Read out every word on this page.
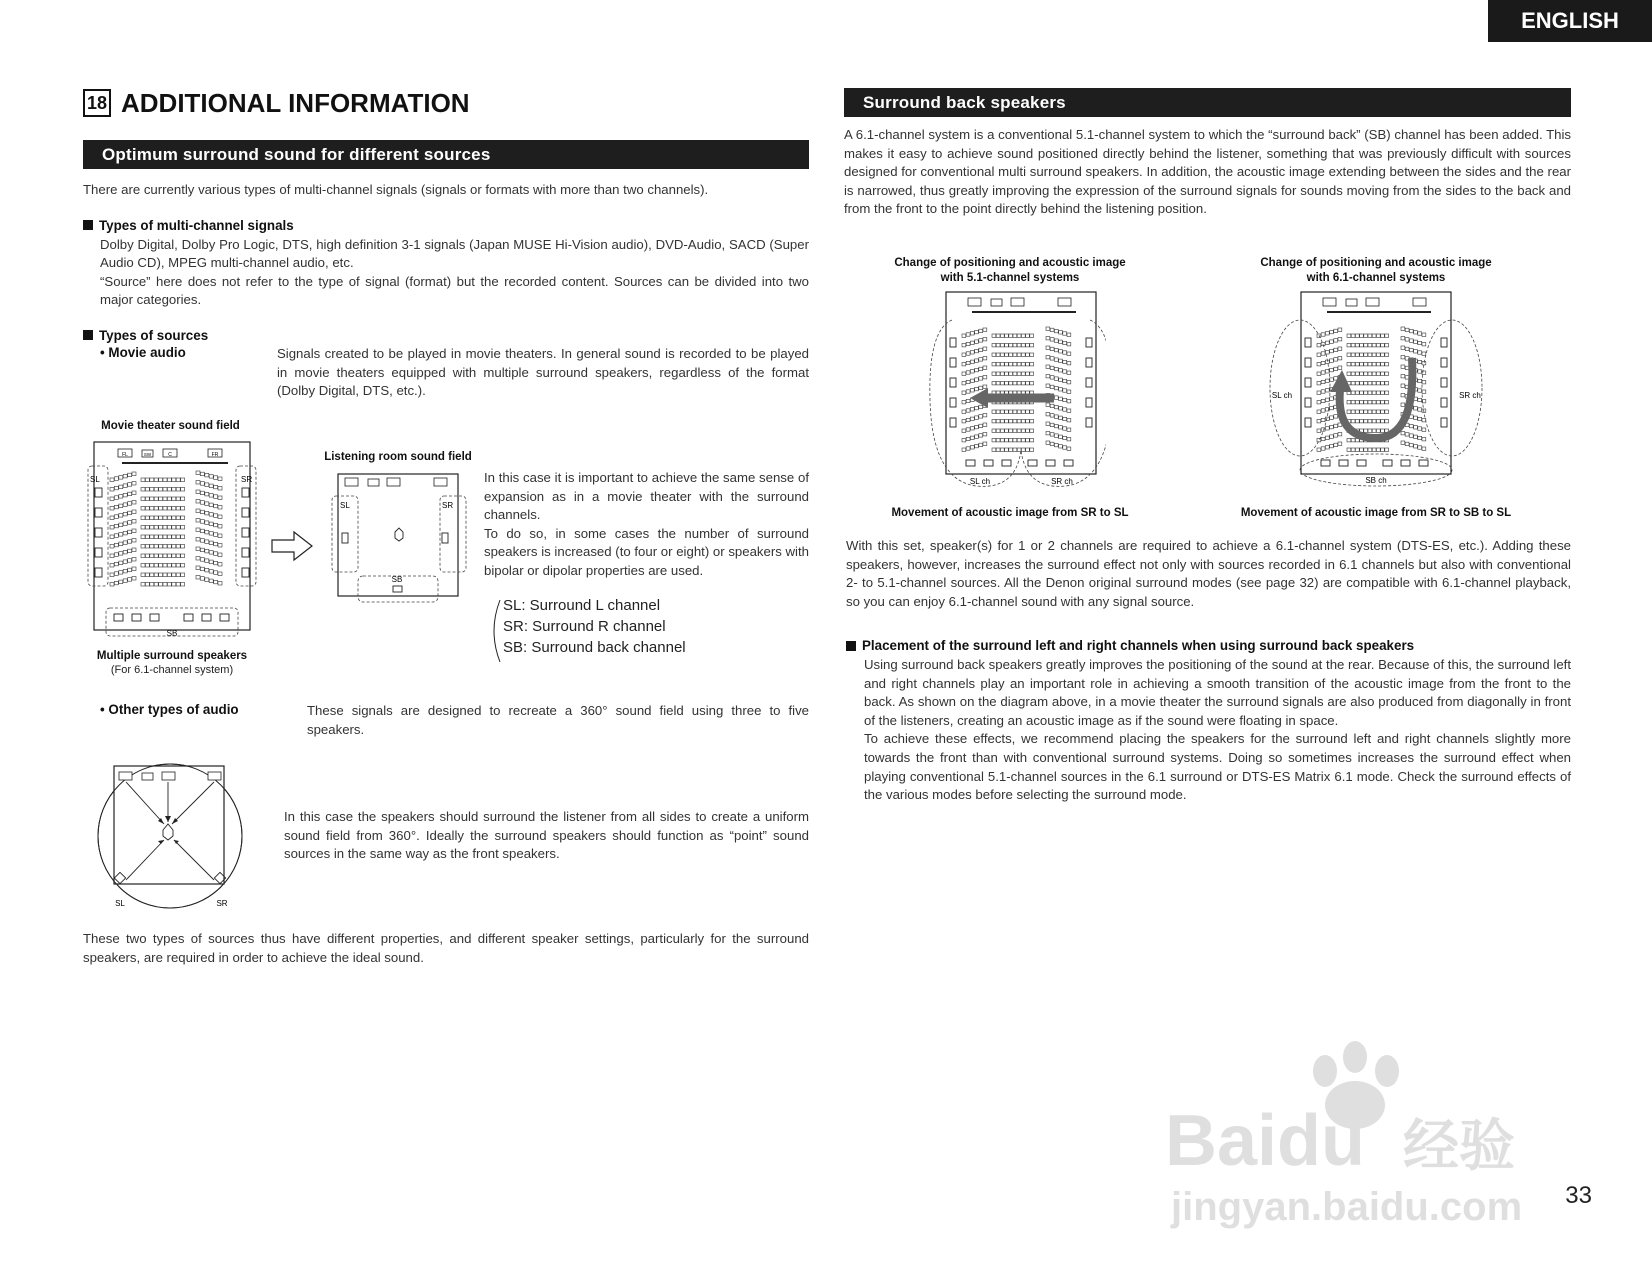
ENGLISH
18 ADDITIONAL INFORMATION
Optimum surround sound for different sources

There are currently various types of multi-channel signals (signals or formats with more than two channels).

Types of multi-channel signals

Dolby Digital, Dolby Pro Logic, DTS, high definition 3-1 signals (Japan MUSE Hi-Vision audio), DVD-Audio, SACD (Super Audio CD), MPEG multi-channel audio, etc.

“Source” here does not refer to the type of signal (format) but the recorded content. Sources can be divided into two major categories.

Types of sources
• Movie audio	Signals created to be played in movie theaters. In general sound is recorded to be played in movie theaters equipped with multiple surround speakers, regardless of the format (Dolby Digital, DTS, etc.).

Movie theater sound field
FL	SW	C	FR
SL	SR
SB
Multiple surround speakers
(For 6.1-channel system)
Listening room sound field
SL	SR
SB

In this case it is important to achieve the same sense of expansion as in a movie theater with the surround channels.
To do so, in some cases the number of surround speakers is increased (to four or eight) or speakers with bipolar or dipolar properties are used.

SL: Surround L channel
SR: Surround R channel
SB: Surround back channel
• Other types of audio	These signals are designed to recreate a 360° sound field using three to five speakers.

SL	SR

In this case the speakers should surround the listener from all sides to create a uniform sound field from 360°. Ideally the surround speakers should function as “point” sound sources in the same way as the front speakers.

These two types of sources thus have different properties, and different speaker settings, particularly for the surround speakers, are required in order to achieve the ideal sound.

Surround back speakers

A 6.1-channel system is a conventional 5.1-channel system to which the “surround back” (SB) channel has been added. This makes it easy to achieve sound positioned directly behind the listener, something that was previously difficult with sources designed for conventional multi surround speakers. In addition, the acoustic image extending between the sides and the rear is narrowed, thus greatly improving the expression of the surround signals for sounds moving from the sides to the back and from the front to the point directly behind the listening position.

Change of positioning and acoustic image
with 5.1-channel systems
SL ch	SR ch
Movement of acoustic image from SR to SL
Change of positioning and acoustic image
with 6.1-channel systems
SL ch	SR ch
SB ch
Movement of acoustic image from SR to SB to SL

With this set, speaker(s) for 1 or 2 channels are required to achieve a 6.1-channel system (DTS-ES, etc.). Adding these speakers, however, increases the surround effect not only with sources recorded in 6.1 channels but also with conventional 2- to 5.1-channel sources. All the Denon original surround modes (see page 32) are compatible with 6.1-channel playback, so you can enjoy 6.1-channel sound with any signal source.

Placement of the surround left and right channels when using surround back speakers

Using surround back speakers greatly improves the positioning of the sound at the rear. Because of this, the surround left and right channels play an important role in achieving a smooth transition of the acoustic image from the front to the back. As shown on the diagram above, in a movie theater the surround signals are also produced from diagonally in front of the listeners, creating an acoustic image as if the sound were floating in space.

To achieve these effects, we recommend placing the speakers for the surround left and right channels slightly more towards the front than with conventional surround systems. Doing so sometimes increases the surround effect when playing conventional 5.1-channel sources in the 6.1 surround or DTS-ES Matrix 6.1 mode. Check the surround effects of the various modes before selecting the surround mode.

Baidu 经验
jingyan.baidu.com 33
